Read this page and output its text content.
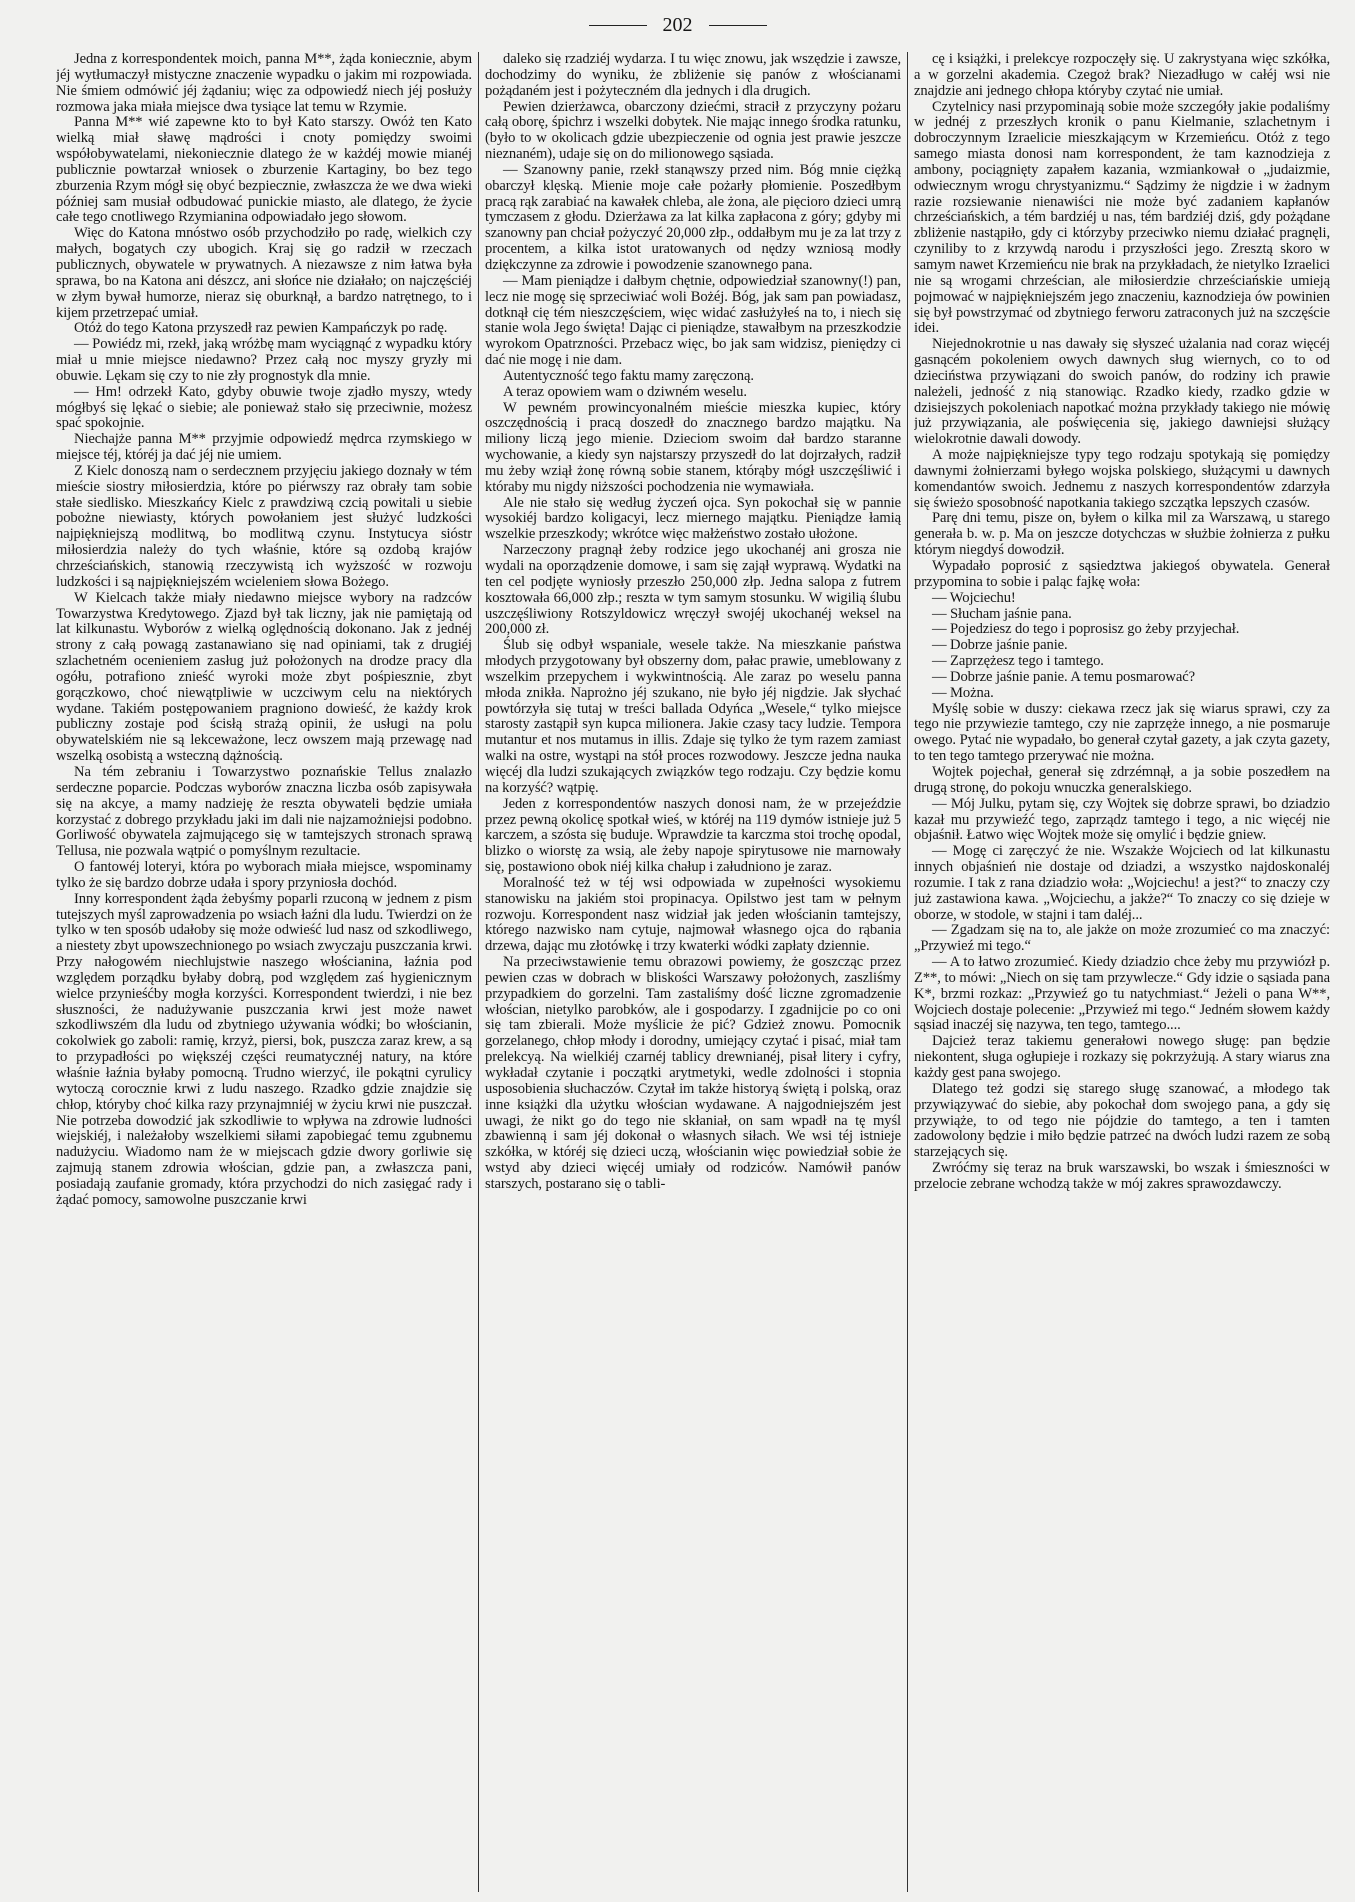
202

Jedna z korrespondentek moich, panna M**, żąda koniecznie, abym jéj wytłumaczył mistyczne znaczenie wypadku o jakim mi rozpowiada. Nie śmiem odmówić jéj żądaniu; więc za odpowiedź niech jéj posłuży rozmowa jaka miała miejsce dwa tysiące lat temu w Rzymie.

Panna M** wié zapewne kto to był Kato starszy. Owóż ten Kato wielką miał sławę mądrości i cnoty pomiędzy swoimi współobywatelami, niekoniecznie dlatego że w każdéj mowie mianéj publicznie powtarzał wniosek o zburzenie Kartaginy, bo bez tego zburzenia Rzym mógł się obyć bezpiecznie, zwłaszcza że we dwa wieki później sam musiał odbudować punickie miasto, ale dlatego, że życie całe tego cnotliwego Rzymianina odpowiadało jego słowom.

Więc do Katona mnóstwo osób przychodziło po radę, wielkich czy małych, bogatych czy ubogich. Kraj się go radził w rzeczach publicznych, obywatele w prywatnych. A niezawsze z nim łatwa była sprawa, bo na Katona ani dészcz, ani słońce nie działało; on najczęściéj w złym bywał humorze, nieraz się oburknął, a bardzo natrętnego, to i kijem przetrzepać umiał.

Otóż do tego Katona przyszedł raz pewien Kampańczyk po radę.

— Powiédz mi, rzekł, jaką wróżbę mam wyciągnąć z wypadku który miał u mnie miejsce niedawno? Przez całą noc myszy gryzły mi obuwie. Lękam się czy to nie zły prognostyk dla mnie.

— Hm! odrzekł Kato, gdyby obuwie twoje zjadło myszy, wtedy mógłbyś się lękać o siebie; ale ponieważ stało się przeciwnie, możesz spać spokojnie.

Niechajże panna M** przyjmie odpowiedź mędrca rzymskiego w miejsce téj, któréj ja dać jéj nie umiem.

Z Kielc donoszą nam o serdecznem przyjęciu jakiego doznały w tém mieście siostry miłosierdzia, które po piérwszy raz obrały tam sobie stałe siedlisko. Mieszkańcy Kielc z prawdziwą czcią powitali u siebie pobożne niewiasty, których powołaniem jest służyć ludzkości najpiękniejszą modlitwą, bo modlitwą czynu. Instytucya sióstr miłosierdzia należy do tych właśnie, które są ozdobą krajów chrześciańskich, stanowią rzeczywistą ich wyższość w rozwoju ludzkości i są najpiękniejszém wcieleniem słowa Bożego.

W Kielcach także miały niedawno miejsce wybory na radzców Towarzystwa Kredytowego. Zjazd był tak liczny, jak nie pamiętają od lat kilkunastu. Wyborów z wielką oględnością dokonano. Jak z jednéj strony z całą powagą zastanawiano się nad opiniami, tak z drugiéj szlachetném ocenieniem zasług już położonych na drodze pracy dla ogółu, potrafiono znieść wyroki może zbyt pośpiesznie, zbyt gorączkowo, choć niewątpliwie w uczciwym celu na niektórych wydane. Takiém postępowaniem pragniono dowieść, że każdy krok publiczny zostaje pod ścisłą strażą opinii, że usługi na polu obywatelskiém nie są lekceważone, lecz owszem mają przewagę nad wszelką osobistą a wsteczną dążnością.

Na tém zebraniu i Towarzystwo poznańskie Tellus znalazło serdeczne poparcie. Podczas wyborów znaczna liczba osób zapisywała się na akcye, a mamy nadzieję że reszta obywateli będzie umiała korzystać z dobrego przykładu jaki im dali nie najzamożniejsi podobno. Gorliwość obywatela zajmującego się w tamtejszych stronach sprawą Tellusa, nie pozwala wątpić o pomyślnym rezultacie.

O fantowéj loteryi, która po wyborach miała miejsce, wspominamy tylko że się bardzo dobrze udała i spory przyniosła dochód.

Inny korrespondent żąda żebyśmy poparli rzuconą w jednem z pism tutejszych myśl zaprowadzenia po wsiach łaźni dla ludu. Twierdzi on że tylko w ten sposób udałoby się może odwieść lud nasz od szkodliwego, a niestety zbyt upowszechnionego po wsiach zwyczaju puszczania krwi. Przy nałogowém niechlujstwie naszego włościanina, łaźnia pod względem porządku byłaby dobrą, pod względem zaś hygienicznym wielce przynieśćby mogła korzyści. Korrespondent twierdzi, i nie bez słuszności, że nadużywanie puszczania krwi jest może nawet szkodliwszém dla ludu od zbytniego używania wódki; bo włościanin, cokolwiek go zaboli: ramię, krzyż, piersi, bok, puszcza zaraz krew, a są to przypadłości po większéj części reumatycznéj natury, na które właśnie łaźnia byłaby pomocną. Trudno wierzyć, ile pokątni cyrulicy wytoczą corocznie krwi z ludu naszego. Rzadko gdzie znajdzie się chłop, któryby choć kilka razy przynajmniéj w życiu krwi nie puszczał. Nie potrzeba dowodzić jak szkodliwie to wpływa na zdrowie ludności wiejskiéj, i należałoby wszelkiemi siłami zapobiegać temu zgubnemu nadużyciu. Wiadomo nam że w miejscach gdzie dwory gorliwie się zajmują stanem zdrowia włościan, gdzie pan, a zwłaszcza pani, posiadają zaufanie gromady, która przychodzi do nich zasięgać rady i żądać pomocy, samowolne puszczanie krwi

daleko się rzadziéj wydarza. I tu więc znowu, jak wszędzie i zawsze, dochodzimy do wyniku, że zbliżenie się panów z włościanami pożądaném jest i pożyteczném dla jednych i dla drugich.

Pewien dzierżawca, obarczony dziećmi, stracił z przyczyny pożaru całą oborę, śpichrz i wszelki dobytek. Nie mając innego środka ratunku, (było to w okolicach gdzie ubezpieczenie od ognia jest prawie jeszcze nieznaném), udaje się on do milionowego sąsiada.

— Szanowny panie, rzekł stanąwszy przed nim. Bóg mnie ciężką obarczył klęską. Mienie moje całe pożarły płomienie. Poszedłbym pracą rąk zarabiać na kawałek chleba, ale żona, ale pięcioro dzieci umrą tymczasem z głodu. Dzierżawa za lat kilka zapłacona z góry; gdyby mi szanowny pan chciał pożyczyć 20,000 złp., oddałbym mu je za lat trzy z procentem, a kilka istot uratowanych od nędzy wzniosą modły dziękczynne za zdrowie i powodzenie szanownego pana.

— Mam pieniądze i dałbym chętnie, odpowiedział szanowny(!) pan, lecz nie mogę się sprzeciwiać woli Bożéj. Bóg, jak sam pan powiadasz, dotknął cię tém nieszczęściem, więc widać zasłużyłeś na to, i niech się stanie wola Jego święta! Dając ci pieniądze, stawałbym na przeszkodzie wyrokom Opatrzności. Przebacz więc, bo jak sam widzisz, pieniędzy ci dać nie mogę i nie dam.

Autentyczność tego faktu mamy zaręczoną.

A teraz opowiem wam o dziwném weselu.

W pewném prowincyonalném mieście mieszka kupiec, który oszczędnością i pracą doszedł do znacznego bardzo majątku. Na miliony liczą jego mienie. Dzieciom swoim dał bardzo staranne wychowanie, a kiedy syn najstarszy przyszedł do lat dojrzałych, radził mu żeby wziął żonę równą sobie stanem, którąby mógł uszczęśliwić i któraby mu nigdy niższości pochodzenia nie wymawiała.

Ale nie stało się według życzeń ojca. Syn pokochał się w pannie wysokiéj bardzo koligacyi, lecz miernego majątku. Pieniądze łamią wszelkie przeszkody; wkrótce więc małżeństwo zostało ułożone.

Narzeczony pragnął żeby rodzice jego ukochanéj ani grosza nie wydali na oporządzenie domowe, i sam się zajął wyprawą. Wydatki na ten cel podjęte wyniosły przeszło 250,000 złp. Jedna salopa z futrem kosztowała 66,000 złp.; reszta w tym samym stosunku. W wigilią ślubu uszczęśliwiony Rotszyldowicz wręczył swojéj ukochanéj weksel na 200,000 zł.

Ślub się odbył wspaniale, wesele także. Na mieszkanie państwa młodych przygotowany był obszerny dom, pałac prawie, umeblowany z wszelkim przepychem i wykwintnością. Ale zaraz po weselu panna młoda znikła. Naprożno jéj szukano, nie było jéj nigdzie. Jak słychać powtórzyła się tutaj w treści ballada Odyńca „Wesele,“ tylko miejsce starosty zastąpił syn kupca milionera. Jakie czasy tacy ludzie. Tempora mutantur et nos mutamus in illis. Zdaje się tylko że tym razem zamiast walki na ostre, wystąpi na stół proces rozwodowy. Jeszcze jedna nauka więcéj dla ludzi szukających związków tego rodzaju. Czy będzie komu na korzyść? wątpię.

Jeden z korrespondentów naszych donosi nam, że w przejeździe przez pewną okolicę spotkał wieś, w któréj na 119 dymów istnieje już 5 karczem, a szósta się buduje. Wprawdzie ta karczma stoi trochę opodal, blizko o wiorstę za wsią, ale żeby napoje spirytusowe nie marnowały się, postawiono obok niéj kilka chałup i załudniono je zaraz.

Moralność też w téj wsi odpowiada w zupełności wysokiemu stanowisku na jakiém stoi propinacya. Opilstwo jest tam w pełnym rozwoju. Korrespondent nasz widział jak jeden włościanin tamtejszy, którego nazwisko nam cytuje, najmował własnego ojca do rąbania drzewa, dając mu złotówkę i trzy kwaterki wódki zapłaty dziennie.

Na przeciwstawienie temu obrazowi powiemy, że goszcząc przez pewien czas w dobrach w bliskości Warszawy położonych, zaszliśmy przypadkiem do gorzelni. Tam zastaliśmy dość liczne zgromadzenie włościan, nietylko parobków, ale i gospodarzy. I zgadnijcie po co oni się tam zbierali. Może myślicie że pić? Gdzież znowu. Pomocnik gorzelanego, chłop młody i dorodny, umiejący czytać i pisać, miał tam prelekcyą. Na wielkiéj czarnéj tablicy drewnianéj, pisał litery i cyfry, wykładał czytanie i początki arytmetyki, wedle zdolności i stopnia usposobienia słuchaczów. Czytał im także historyą świętą i polską, oraz inne książki dla użytku włościan wydawane. A najgodniejszém jest uwagi, że nikt go do tego nie skłaniał, on sam wpadł na tę myśl zbawienną i sam jéj dokonał o własnych siłach. We wsi téj istnieje szkółka, w któréj się dzieci uczą, włościanin więc powiedział sobie że wstyd aby dzieci więcéj umiały od rodziców. Namówił panów starszych, postarano się o tabli-

cę i książki, i prelekcye rozpoczęły się. U zakrystyana więc szkółka, a w gorzelni akademia. Czegoż brak? Niezadługo w całéj wsi nie znajdzie ani jednego chłopa któryby czytać nie umiał.

Czytelnicy nasi przypominają sobie może szczegóły jakie podaliśmy w jednéj z przeszłych kronik o panu Kielmanie, szlachetnym i dobroczynnym Izraelicie mieszkającym w Krzemieńcu. Otóż z tego samego miasta donosi nam korrespondent, że tam kaznodzieja z ambony, pociągnięty zapałem kazania, wzmiankował o „judaizmie, odwiecznym wrogu chrystyanizmu.“ Sądzimy że nigdzie i w żadnym razie rozsiewanie nienawiści nie może być zadaniem kapłanów chrześciańskich, a tém bardziéj u nas, tém bardziéj dziś, gdy pożądane zbliżenie nastąpiło, gdy ci którzyby przeciwko niemu działać pragnęli, czyniliby to z krzywdą narodu i przyszłości jego. Zresztą skoro w samym nawet Krzemieńcu nie brak na przykładach, że nietylko Izraelici nie są wrogami chrześcian, ale miłosierdzie chrześciańskie umieją pojmować w najpiękniejszém jego znaczeniu, kaznodzieja ów powinien się był powstrzymać od zbytniego ferworu zatraconych już na szczęście idei.

Niejednokrotnie u nas dawały się słyszeć użalania nad coraz więcéj gasnącém pokoleniem owych dawnych sług wiernych, co to od dzieciństwa przywiązani do swoich panów, do rodziny ich prawie należeli, jedność z nią stanowiąc. Rzadko kiedy, rzadko gdzie w dzisiejszych pokoleniach napotkać można przykłady takiego nie mówię już przywiązania, ale poświęcenia się, jakiego dawniejsi służący wielokrotnie dawali dowody.

A może najpiękniejsze typy tego rodzaju spotykają się pomiędzy dawnymi żołnierzami byłego wojska polskiego, służącymi u dawnych komendantów swoich. Jednemu z naszych korrespondentów zdarzyła się świeżo sposobność napotkania takiego szczątka lepszych czasów.

Parę dni temu, pisze on, byłem o kilka mil za Warszawą, u starego generała b. w. p. Ma on jeszcze dotychczas w służbie żołnierza z pułku którym niegdyś dowodził.

Wypadało poprosić z sąsiedztwa jakiegoś obywatela. Generał przypomina to sobie i paląc fajkę woła:

— Wojciechu!

— Słucham jaśnie pana.

— Pojedziesz do tego i poprosisz go żeby przyjechał.

— Dobrze jaśnie panie.

— Zaprzężesz tego i tamtego.

— Dobrze jaśnie panie. A temu posmarować?

— Można.

Myślę sobie w duszy: ciekawa rzecz jak się wiarus sprawi, czy za tego nie przywiezie tamtego, czy nie zaprzęże innego, a nie posmaruje owego. Pytać nie wypadało, bo generał czytał gazety, a jak czyta gazety, to ten tego tamtego przerywać nie można.

Wojtek pojechał, generał się zdrzémnął, a ja sobie poszedłem na drugą stronę, do pokoju wnuczka generalskiego.

— Mój Julku, pytam się, czy Wojtek się dobrze sprawi, bo dziadzio kazał mu przywieźć tego, zaprządz tamtego i tego, a nic więcéj nie objaśnił. Łatwo więc Wojtek może się omylić i będzie gniew.

— Mogę ci zaręczyć że nie. Wszakże Wojciech od lat kilkunastu innych objaśnień nie dostaje od dziadzi, a wszystko najdoskonaléj rozumie. I tak z rana dziadzio woła: „Wojciechu! a jest?“ to znaczy czy już zastawiona kawa. „Wojciechu, a jakże?“ To znaczy co się dzieje w oborze, w stodole, w stajni i tam daléj...

— Zgadzam się na to, ale jakże on może zrozumieć co ma znaczyć: „Przywieź mi tego.“

— A to łatwo zrozumieć. Kiedy dziadzio chce żeby mu przywiózł p. Z**, to mówi: „Niech on się tam przywlecze.“ Gdy idzie o sąsiada pana K*, brzmi rozkaz: „Przywieź go tu natychmiast.“ Jeżeli o pana W**, Wojciech dostaje polecenie: „Przywieź mi tego.“ Jedném słowem każdy sąsiad inaczéj się nazywa, ten tego, tamtego....

Dajcież teraz takiemu generałowi nowego sługę: pan będzie niekontent, sługa ogłupieje i rozkazy się pokrzyżują. A stary wiarus zna każdy gest pana swojego.

Dlatego też godzi się starego sługę szanować, a młodego tak przywiązywać do siebie, aby pokochał dom swojego pana, a gdy się przywiąże, to od tego nie pójdzie do tamtego, a ten i tamten zadowolony będzie i miło będzie patrzeć na dwóch ludzi razem ze sobą starzejących się.

Zwróćmy się teraz na bruk warszawski, bo wszak i śmieszności w przelocie zebrane wchodzą także w mój zakres sprawozdawczy.
